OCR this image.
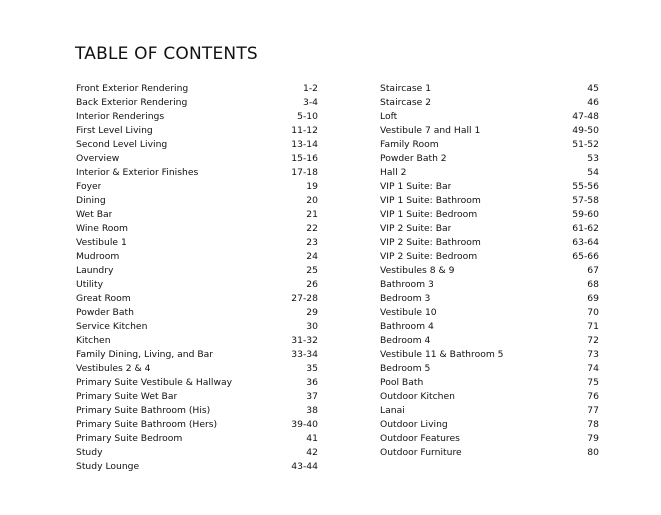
TABLE OF CONTENTS
Front Exterior Rendering	1-2
Back Exterior Rendering	3-4
Interior Renderings	5-10
First Level Living	11-12
Second Level Living	13-14
Overview	15-16
Interior & Exterior Finishes	17-18
Foyer	19
Dining	20
Wet Bar	21
Wine Room	22
Vestibule 1	23
Mudroom	24
Laundry	25
Utility	26
Great Room	27-28
Powder Bath	29
Service Kitchen	30
Kitchen	31-32
Family Dining, Living, and Bar	33-34
Vestibules 2 & 4	35
Primary Suite Vestibule & Hallway	36
Primary Suite Wet Bar	37
Primary Suite Bathroom (His)	38
Primary Suite Bathroom (Hers)	39-40
Primary Suite Bedroom	41
Study	42
Study Lounge	43-44
Staircase 1	45
Staircase 2	46
Loft	47-48
Vestibule 7 and Hall 1	49-50
Family Room	51-52
Powder Bath 2	53
Hall 2	54
VIP 1 Suite: Bar	55-56
VIP 1 Suite: Bathroom	57-58
VIP 1 Suite: Bedroom	59-60
VIP 2 Suite: Bar	61-62
VIP 2 Suite: Bathroom	63-64
VIP 2 Suite: Bedroom	65-66
Vestibules 8 & 9	67
Bathroom 3	68
Bedroom 3	69
Vestibule 10	70
Bathroom 4	71
Bedroom 4	72
Vestibule 11 & Bathroom 5	73
Bedroom 5	74
Pool Bath	75
Outdoor Kitchen	76
Lanai	77
Outdoor Living	78
Outdoor Features	79
Outdoor Furniture	80
